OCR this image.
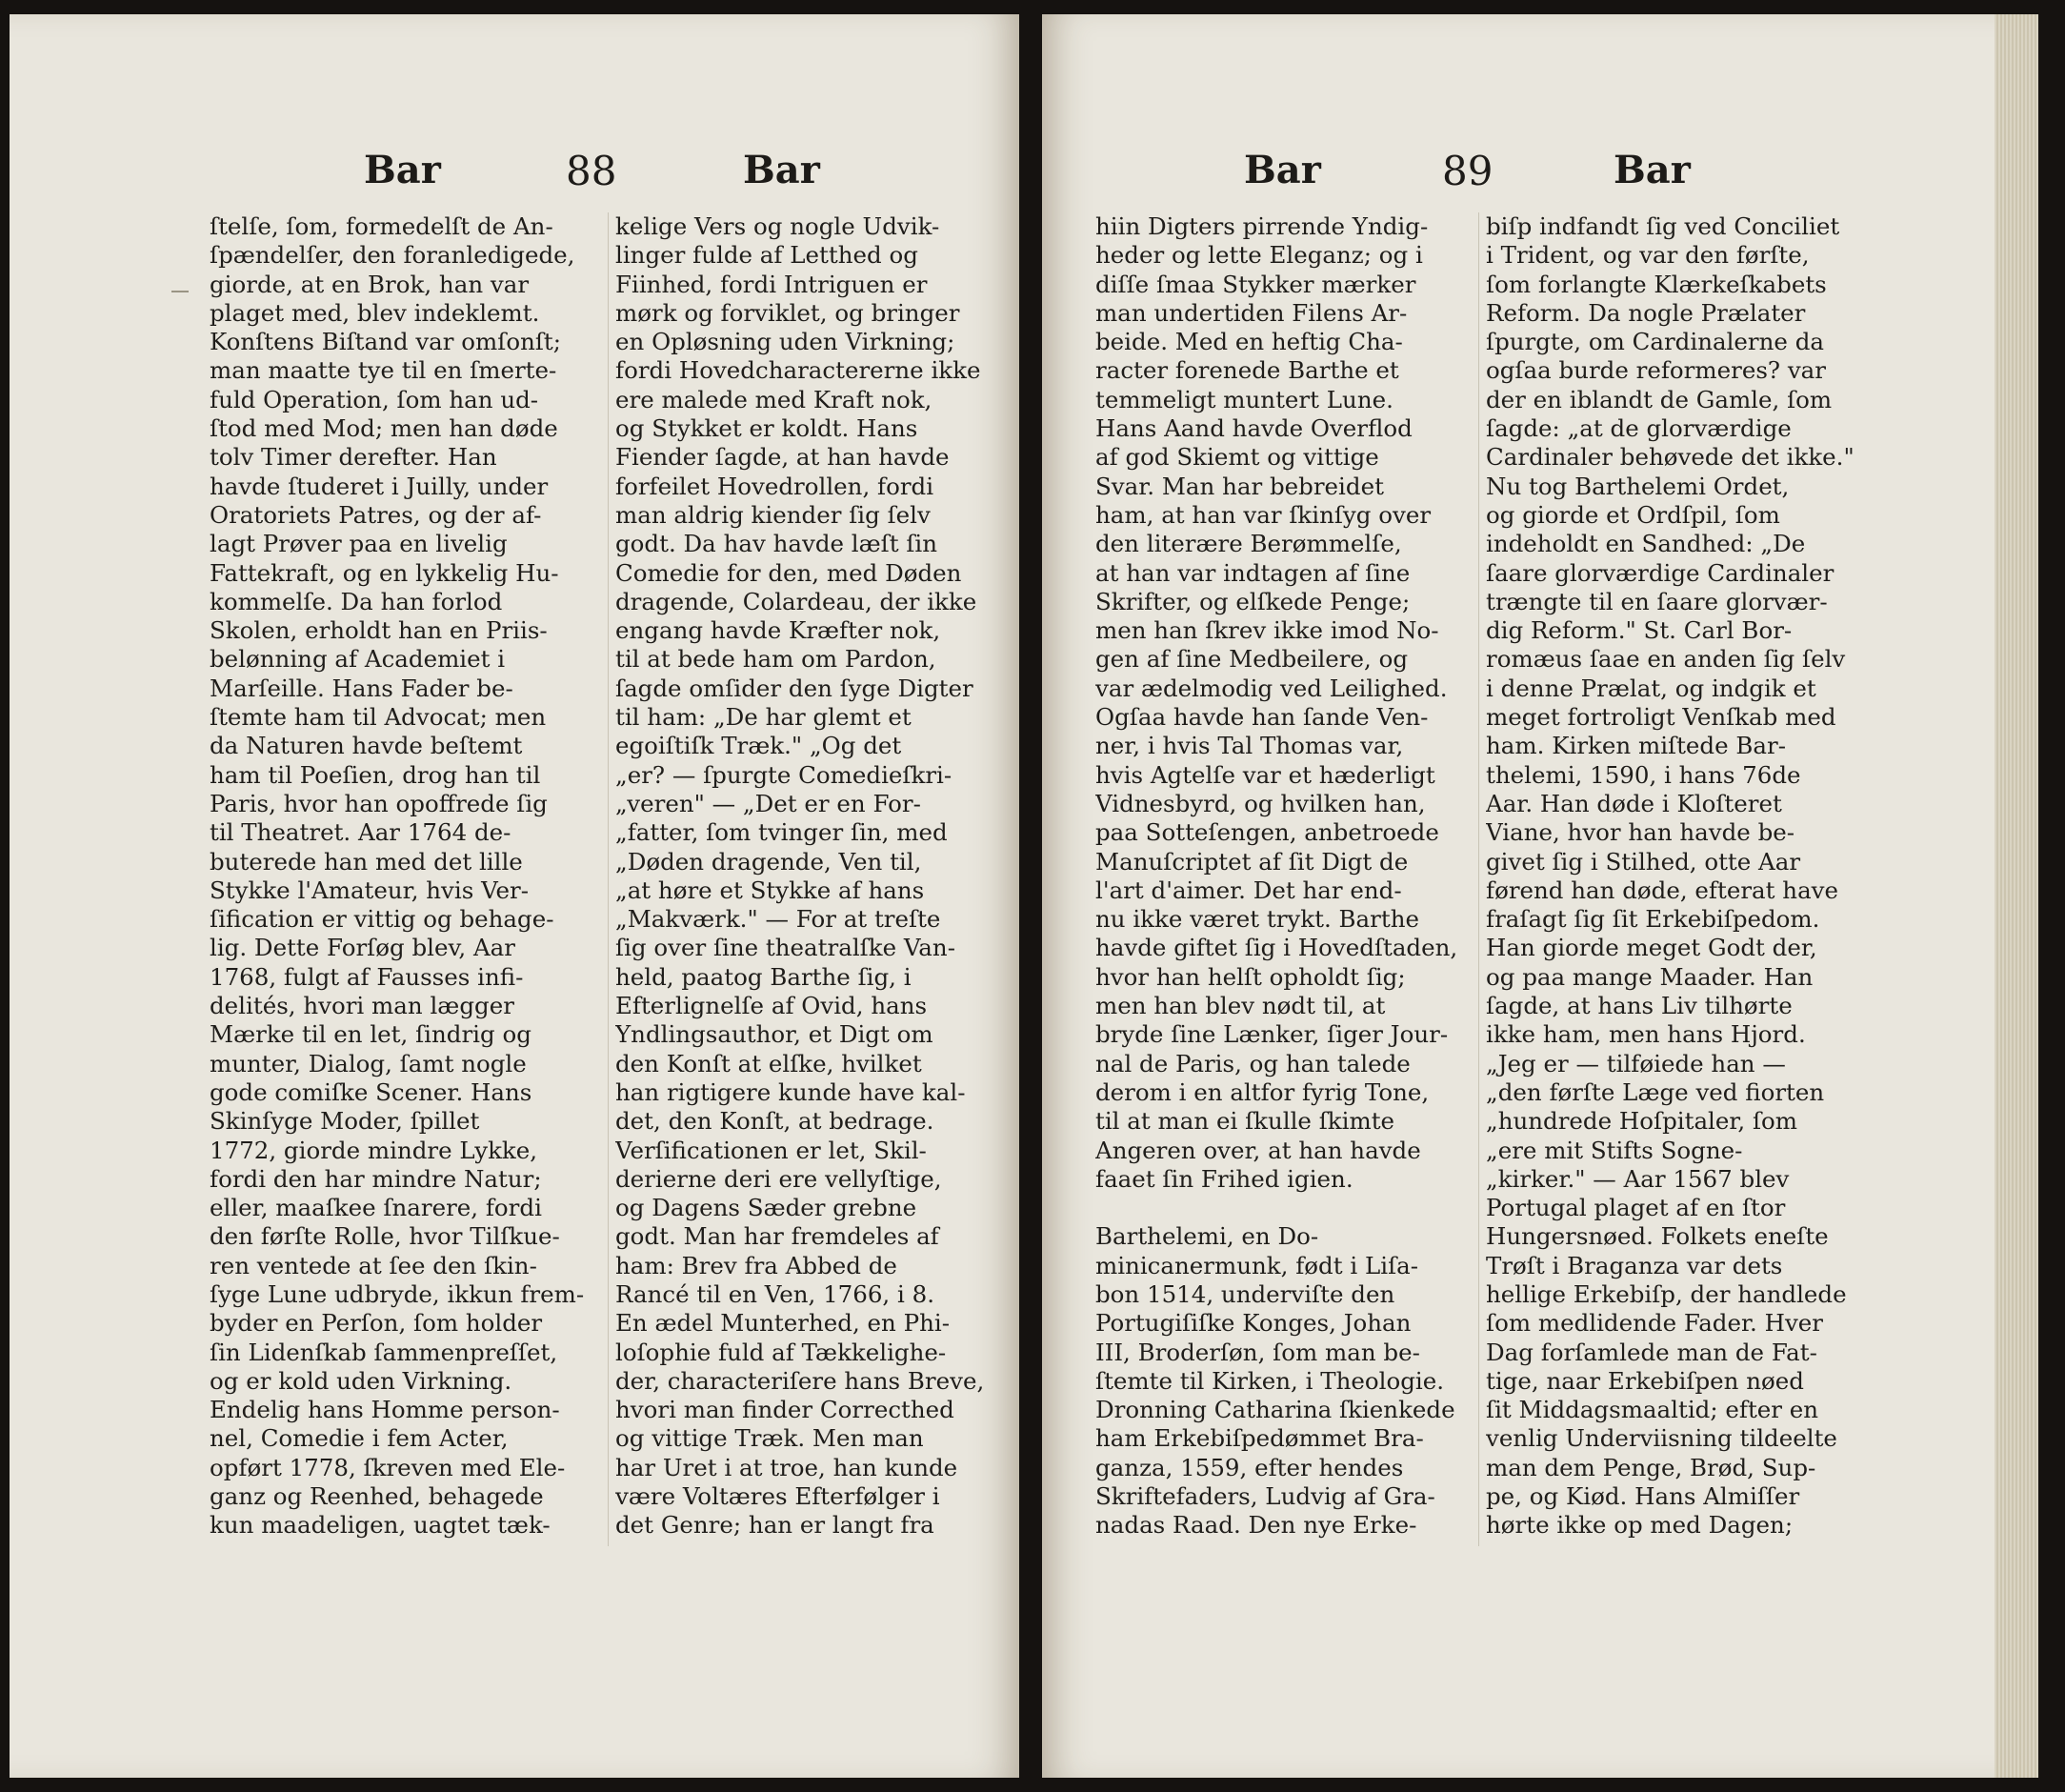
Bar	88	Bar
ſtelſe, ſom, formedelſt de An-
ſpændelſer, den foranledigede,
giorde, at en Brok, han var
plaget med, blev indeklemt.
Konſtens Biſtand var omſonſt;
man maatte tye til en ſmerte-
fuld Operation, ſom han ud-
ſtod med Mod; men han døde
tolv Timer derefter. Han
havde ſtuderet i Juilly, under
Oratoriets Patres, og der af-
lagt Prøver paa en livelig
Fattekraft, og en lykkelig Hu-
kommelſe. Da han forlod
Skolen, erholdt han en Priis-
belønning af Academiet i
Marſeille. Hans Fader be-
ſtemte ham til Advocat; men
da Naturen havde beſtemt
ham til Poeſien, drog han til
Paris, hvor han opoffrede ſig
til Theatret. Aar 1764 de-
buterede han med det lille
Stykke l'Amateur, hvis Ver-
ſification er vittig og behage-
lig. Dette Forſøg blev, Aar
1768, fulgt af Fausses infi-
delités, hvori man lægger
Mærke til en let, ſindrig og
munter, Dialog, ſamt nogle
gode comiſke Scener. Hans
Skinſyge Moder, ſpillet
1772, giorde mindre Lykke,
fordi den har mindre Natur;
eller, maaſkee ſnarere, fordi
den førſte Rolle, hvor Tilſkue-
ren ventede at ſee den ſkin-
ſyge Lune udbryde, ikkun frem-
byder en Perſon, ſom holder
ſin Lidenſkab ſammenpreſſet,
og er kold uden Virkning.
Endelig hans Homme person-
nel, Comedie i fem Acter,
opført 1778, ſkreven med Ele-
ganz og Reenhed, behagede
kun maadeligen, uagtet tæk-
kelige Vers og nogle Udvik-
linger fulde af Letthed og
Fiinhed, fordi Intriguen er
mørk og forviklet, og bringer
en Opløsning uden Virkning;
fordi Hovedcharactererne ikke
ere malede med Kraft nok,
og Stykket er koldt. Hans
Fiender ſagde, at han havde
forfeilet Hovedrollen, fordi
man aldrig kiender ſig ſelv
godt. Da hav havde læſt ſin
Comedie for den, med Døden
dragende, Colardeau, der ikke
engang havde Kræfter nok,
til at bede ham om Pardon,
ſagde omſider den ſyge Digter
til ham: „De har glemt et
egoiſtiſk Træk." „Og det
„er? — ſpurgte Comedieſkri-
„veren" — „Det er en For-
„fatter, ſom tvinger ſin, med
„Døden dragende, Ven til,
„at høre et Stykke af hans
„Makværk." — For at treſte
ſig over ſine theatralſke Van-
held, paatog Barthe ſig, i
Efterlignelſe af Ovid, hans
Yndlingsauthor, et Digt om
den Konſt at elſke, hvilket
han rigtigere kunde have kal-
det, den Konſt, at bedrage.
Verſificationen er let, Skil-
derierne deri ere vellyſtige,
og Dagens Sæder grebne
godt. Man har fremdeles af
ham: Brev fra Abbed de
Rancé til en Ven, 1766, i 8.
En ædel Munterhed, en Phi-
loſophie fuld af Tækkelighe-
der, characteriſere hans Breve,
hvori man finder Correcthed
og vittige Træk. Men man
har Uret i at troe, han kunde
være Voltæres Efterfølger i
det Genre; han er langt fra
Bar	89	Bar
hiin Digters pirrende Yndig-
heder og lette Eleganz; og i
diſſe ſmaa Stykker mærker
man undertiden Filens Ar-
beide. Med en heftig Cha-
racter forenede Barthe et
temmeligt muntert Lune.
Hans Aand havde Overflod
af god Skiemt og vittige
Svar. Man har bebreidet
ham, at han var ſkinſyg over
den literære Berømmelſe,
at han var indtagen af ſine
Skrifter, og elſkede Penge;
men han ſkrev ikke imod No-
gen af ſine Medbeilere, og
var ædelmodig ved Leilighed.
Ogſaa havde han ſande Ven-
ner, i hvis Tal Thomas var,
hvis Agtelſe var et hæderligt
Vidnesbyrd, og hvilken han,
paa Sotteſengen, anbetroede
Manuſcriptet af ſit Digt de
l'art d'aimer. Det har end-
nu ikke været trykt. Barthe
havde giftet ſig i Hovedſtaden,
hvor han helſt opholdt ſig;
men han blev nødt til, at
bryde ſine Lænker, ſiger Jour-
nal de Paris, og han talede
derom i en altfor fyrig Tone,
til at man ei ſkulle ſkimte
Angeren over, at han havde
faaet ſin Frihed igien.

Barthelemi, en Do-
minicanermunk, født i Liſa-
bon 1514, underviſte den
Portugiſiſke Konges, Johan
III, Broderſøn, ſom man be-
ſtemte til Kirken, i Theologie.
Dronning Catharina ſkienkede
ham Erkebiſpedømmet Bra-
ganza, 1559, efter hendes
Skriftefaders, Ludvig af Gra-
nadas Raad. Den nye Erke-
biſp indfandt ſig ved Conciliet
i Trident, og var den førſte,
ſom forlangte Klærkeſkabets
Reform. Da nogle Prælater
ſpurgte, om Cardinalerne da
ogſaa burde reformeres? var
der en iblandt de Gamle, ſom
ſagde: „at de glorværdige
Cardinaler behøvede det ikke."
Nu tog Barthelemi Ordet,
og giorde et Ordſpil, ſom
indeholdt en Sandhed: „De
ſaare glorværdige Cardinaler
trængte til en ſaare glorvær-
dig Reform." St. Carl Bor-
romæus ſaae en anden ſig ſelv
i denne Prælat, og indgik et
meget fortroligt Venſkab med
ham. Kirken miſtede Bar-
thelemi, 1590, i hans 76de
Aar. Han døde i Kloſteret
Viane, hvor han havde be-
givet ſig i Stilhed, otte Aar
førend han døde, efterat have
fraſagt ſig ſit Erkebiſpedom.
Han giorde meget Godt der,
og paa mange Maader. Han
ſagde, at hans Liv tilhørte
ikke ham, men hans Hjord.
„Jeg er — tilføiede han —
„den førſte Læge ved fiorten
„hundrede Hoſpitaler, ſom
„ere mit Stifts Sogne-
„kirker." — Aar 1567 blev
Portugal plaget af en ſtor
Hungersnøed. Folkets eneſte
Trøſt i Braganza var dets
hellige Erkebiſp, der handlede
ſom medlidende Fader. Hver
Dag forſamlede man de Fat-
tige, naar Erkebiſpen nøed
ſit Middagsmaaltid; efter en
venlig Underviisning tildeelte
man dem Penge, Brød, Sup-
pe, og Kiød. Hans Almiſſer
hørte ikke op med Dagen;
